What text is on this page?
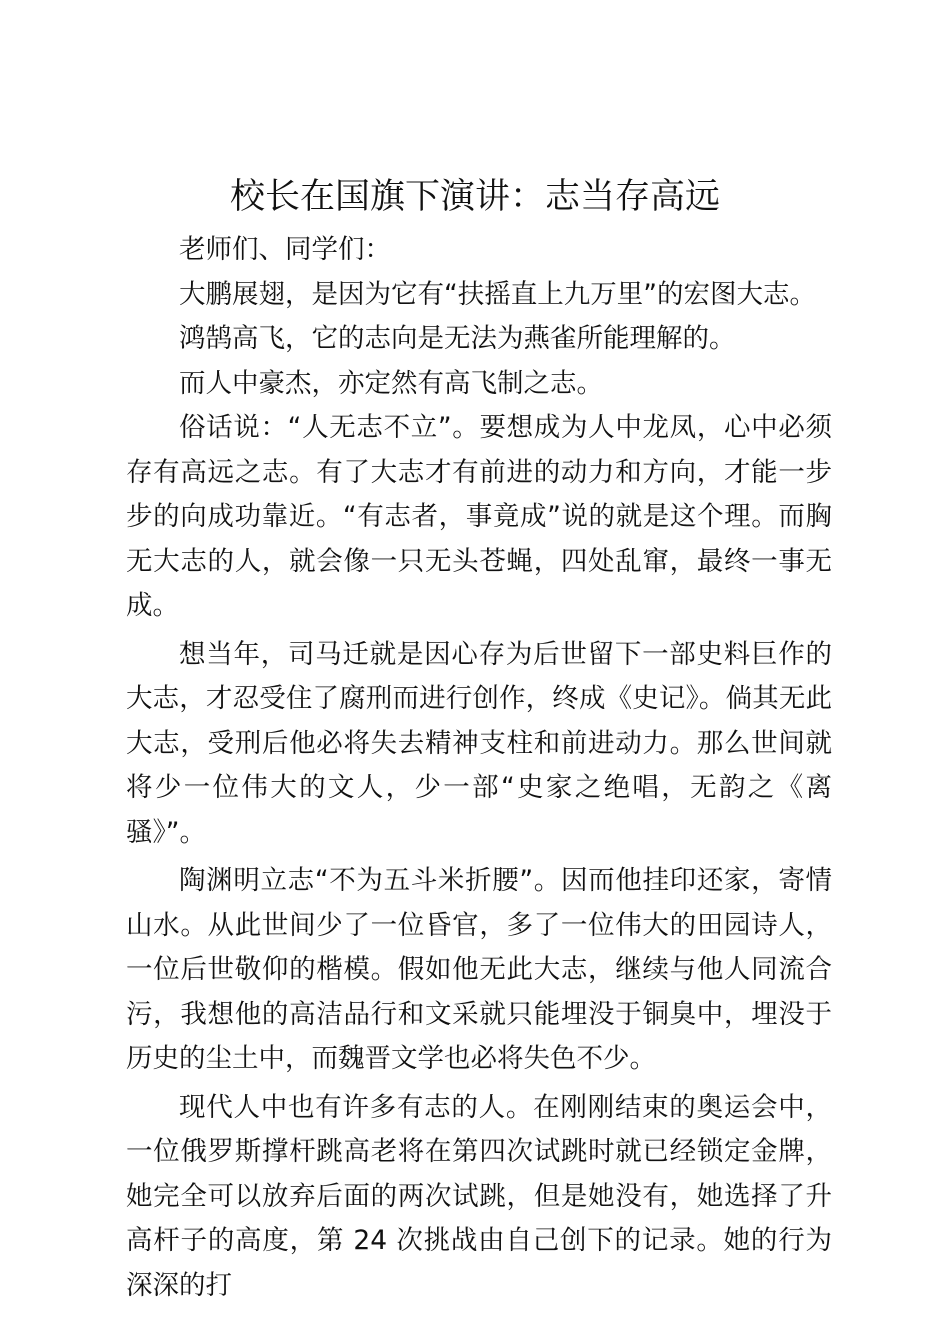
校长在国旗下演讲：志当存高远

老师们、同学们：

大鹏展翅，是因为它有“扶摇直上九万里”的宏图大志。

鸿鹄高飞，它的志向是无法为燕雀所能理解的。

而人中豪杰，亦定然有高飞制之志。

俗话说：“人无志不立”。要想成为人中龙凤，心中必须存有高远之志。有了大志才有前进的动力和方向，才能一步步的向成功靠近。“有志者，事竟成”说的就是这个理。而胸无大志的人，就会像一只无头苍蝇，四处乱窜，最终一事无成。

想当年，司马迁就是因心存为后世留下一部史料巨作的大志，才忍受住了腐刑而进行创作，终成《史记》。倘其无此大志，受刑后他必将失去精神支柱和前进动力。那么世间就将少一位伟大的文人，少一部“史家之绝唱，无韵之《离骚》”。

陶渊明立志“不为五斗米折腰”。因而他挂印还家，寄情山水。从此世间少了一位昏官，多了一位伟大的田园诗人，一位后世敬仰的楷模。假如他无此大志，继续与他人同流合污，我想他的高洁品行和文采就只能埋没于铜臭中，埋没于历史的尘土中，而魏晋文学也必将失色不少。

现代人中也有许多有志的人。在刚刚结束的奥运会中，一位俄罗斯撑杆跳高老将在第四次试跳时就已经锁定金牌，她完全可以放弃后面的两次试跳，但是她没有，她选择了升高杆子的高度，第 24 次挑战由自己创下的记录。她的行为深深的打
